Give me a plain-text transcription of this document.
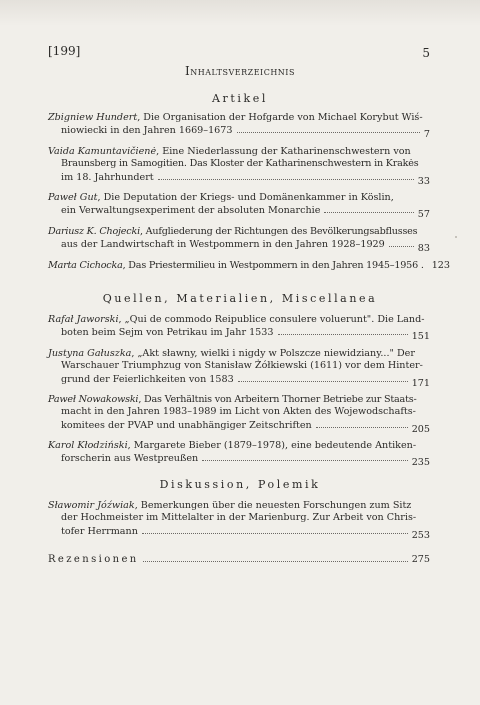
[199]	5
Inhaltsverzeichnis
Artikel
Zbigniew Hundert , Die Organisation der Hofgarde von Michael Korybut Wiś-
niowiecki in den Jahren 1669–1673	7
Vaida Kamuntavičienė , Eine Niederlassung der Katharinenschwestern von
Braunsberg in Samogitien. Das Kloster der Katharinenschwestern in Krakės
im 18. Jahrhundert	33
Paweł Gut , Die Deputation der Kriegs- und Domänenkammer in Köslin,
ein Verwaltungsexperiment der absoluten Monarchie	57
Dariusz K. Chojecki , Aufgliederung der Richtungen des Bevölkerungsabflusses
aus der Landwirtschaft in Westpommern in den Jahren 1928–1929	83
Marta Cichocka , Das Priestermilieu in Westpommern in den Jahren 1945–1956 . 123
Quellen, Materialien, Miscellanea
Rafał Jaworski , „Qui de commodo Reipublice consulere voluerunt". Die Land-
boten beim Sejm von Petrikau im Jahr 1533	151
Justyna Gałuszka , „Akt sławny, wielki i nigdy w Polszcze niewidziany..." Der
Warschauer Triumphzug von Stanisław Żółkiewski (1611) vor dem Hinter-
grund der Feierlichkeiten von 1583	171
Paweł Nowakowski , Das Verhältnis von Arbeitern Thorner Betriebe zur Staats-
macht in den Jahren 1983–1989 im Licht von Akten des Wojewodschafts-
komitees der PVAP und unabhängiger Zeitschriften	205
Karol Kłodziński , Margarete Bieber (1879–1978), eine bedeutende Antiken-
forscherin aus Westpreußen	235
Diskussion, Polemik
Sławomir Jóźwiak , Bemerkungen über die neuesten Forschungen zum Sitz
der Hochmeister im Mittelalter in der Marienburg. Zur Arbeit von Chris-
tofer Herrmann	253
Rezensionen	275
